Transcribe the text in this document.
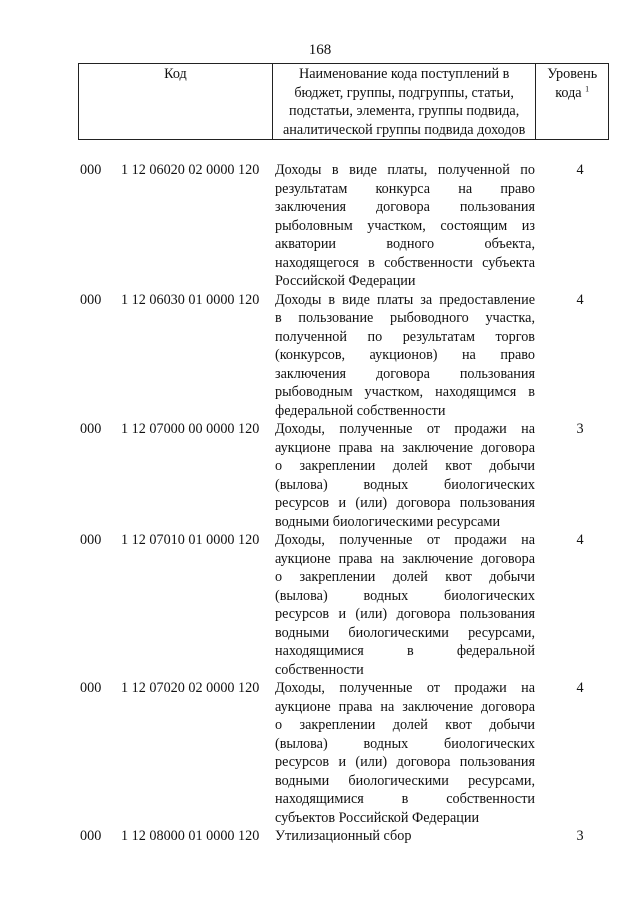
168
Код	Наименование кода поступлений в
бюджет, группы, подгруппы, статьи,
подстатьи, элемента, группы подвида,
аналитической группы подвида доходов
Уровень
кода $^1$
000	1 12 06020 02 0000 120	Доходы в виде платы, полученной по
результатам конкурса на право
заключения договора пользования
рыболовным участком, состоящим из
акватории водного объекта,
находящегося в собственности субъекта
Российской Федерации
4
000	1 12 06030 01 0000 120	Доходы в виде платы за предоставление
в пользование рыбоводного участка,
полученной по результатам торгов
(конкурсов, аукционов) на право
заключения договора пользования
рыбоводным участком, находящимся в
федеральной собственности
4
000	1 12 07000 00 0000 120	Доходы, полученные от продажи на
аукционе права на заключение договора
о закреплении долей квот добычи
(вылова) водных биологических
ресурсов и (или) договора пользования
водными биологическими ресурсами
3
000	1 12 07010 01 0000 120	Доходы, полученные от продажи на
аукционе права на заключение договора
о закреплении долей квот добычи
(вылова) водных биологических
ресурсов и (или) договора пользования
водными биологическими ресурсами,
находящимися в федеральной
собственности
4
000	1 12 07020 02 0000 120	Доходы, полученные от продажи на
аукционе права на заключение договора
о закреплении долей квот добычи
(вылова) водных биологических
ресурсов и (или) договора пользования
водными биологическими ресурсами,
находящимися в собственности
субъектов Российской Федерации
4
000	1 12 08000 01 0000 120	Утилизационный сбор	3
